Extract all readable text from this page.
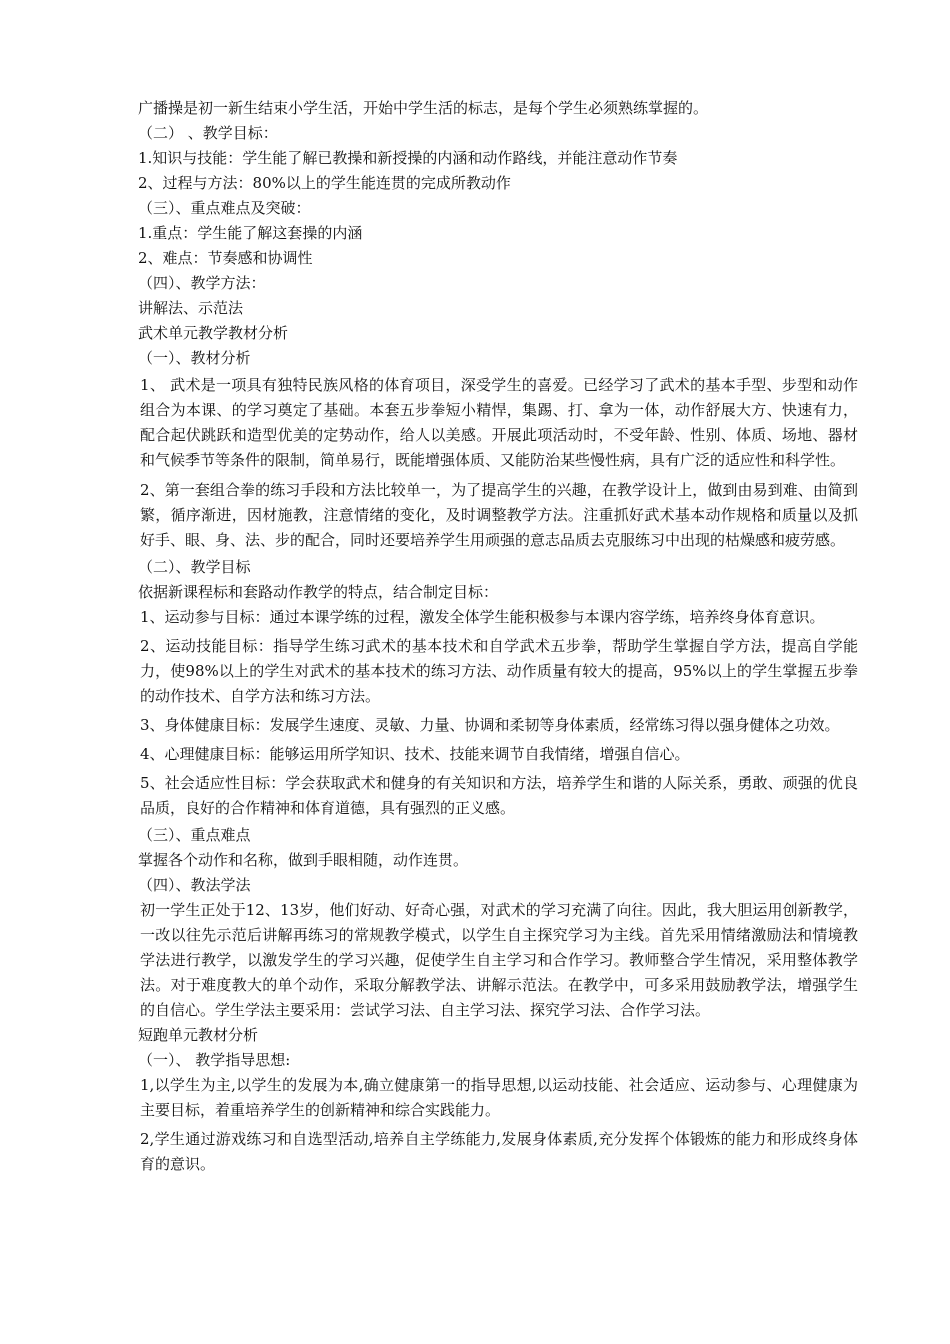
广播操是初一新生结束小学生活，开始中学生活的标志，是每个学生必须熟练掌握的。
（二） 、教学目标：
1.知识与技能：学生能了解已教操和新授操的内涵和动作路线，并能注意动作节奏
2、过程与方法：80%以上的学生能连贯的完成所教动作
（三）、重点难点及突破：
1.重点：学生能了解这套操的内涵
2、难点：节奏感和协调性
（四）、教学方法：
讲解法、示范法
武术单元教学教材分析
（一）、教材分析
1、 武术是一项具有独特民族风格的体育项目，深受学生的喜爱。已经学习了武术的基本手型、步型和动作组合为本课、的学习奠定了基础。本套五步拳短小精悍，集踢、打、拿为一体，动作舒展大方、快速有力，配合起伏跳跃和造型优美的定势动作，给人以美感。开展此项活动时，不受年龄、性别、体质、场地、器材和气候季节等条件的限制，简单易行，既能增强体质、又能防治某些慢性病，具有广泛的适应性和科学性。
2、第一套组合拳的练习手段和方法比较单一，为了提高学生的兴趣，在教学设计上，做到由易到难、由简到繁，循序渐进，因材施教，注意情绪的变化，及时调整教学方法。注重抓好武术基本动作规格和质量以及抓好手、眼、身、法、步的配合，同时还要培养学生用顽强的意志品质去克服练习中出现的枯燥感和疲劳感。
（二）、教学目标
依据新课程标和套路动作教学的特点，结合制定目标：
1、运动参与目标：通过本课学练的过程，激发全体学生能积极参与本课内容学练，培养终身体育意识。
2、运动技能目标：指导学生练习武术的基本技术和自学武术五步拳，帮助学生掌握自学方法，提高自学能力，使98%以上的学生对武术的基本技术的练习方法、动作质量有较大的提高，95%以上的学生掌握五步拳的动作技术、自学方法和练习方法。
3、身体健康目标：发展学生速度、灵敏、力量、协调和柔韧等身体素质，经常练习得以强身健体之功效。
4、心理健康目标：能够运用所学知识、技术、技能来调节自我情绪，增强自信心。
5、社会适应性目标：学会获取武术和健身的有关知识和方法，培养学生和谐的人际关系，勇敢、顽强的优良品质，良好的合作精神和体育道德，具有强烈的正义感。
（三）、重点难点
掌握各个动作和名称，做到手眼相随，动作连贯。
（四）、教法学法
初一学生正处于12、13岁，他们好动、好奇心强，对武术的学习充满了向往。因此，我大胆运用创新教学，一改以往先示范后讲解再练习的常规教学模式，以学生自主探究学习为主线。首先采用情绪激励法和情境教学法进行教学，以激发学生的学习兴趣，促使学生自主学习和合作学习。教师整合学生情况，采用整体教学法。对于难度教大的单个动作，采取分解教学法、讲解示范法。在教学中，可多采用鼓励教学法，增强学生的自信心。学生学法主要采用：尝试学习法、自主学习法、探究学习法、合作学习法。
短跑单元教材分析
（一）、 教学指导思想:
1,以学生为主,以学生的发展为本,确立健康第一的指导思想,以运动技能、社会适应、运动参与、心理健康为主要目标，着重培养学生的创新精神和综合实践能力。
2,学生通过游戏练习和自选型活动,培养自主学练能力,发展身体素质,充分发挥个体锻炼的能力和形成终身体育的意识。
